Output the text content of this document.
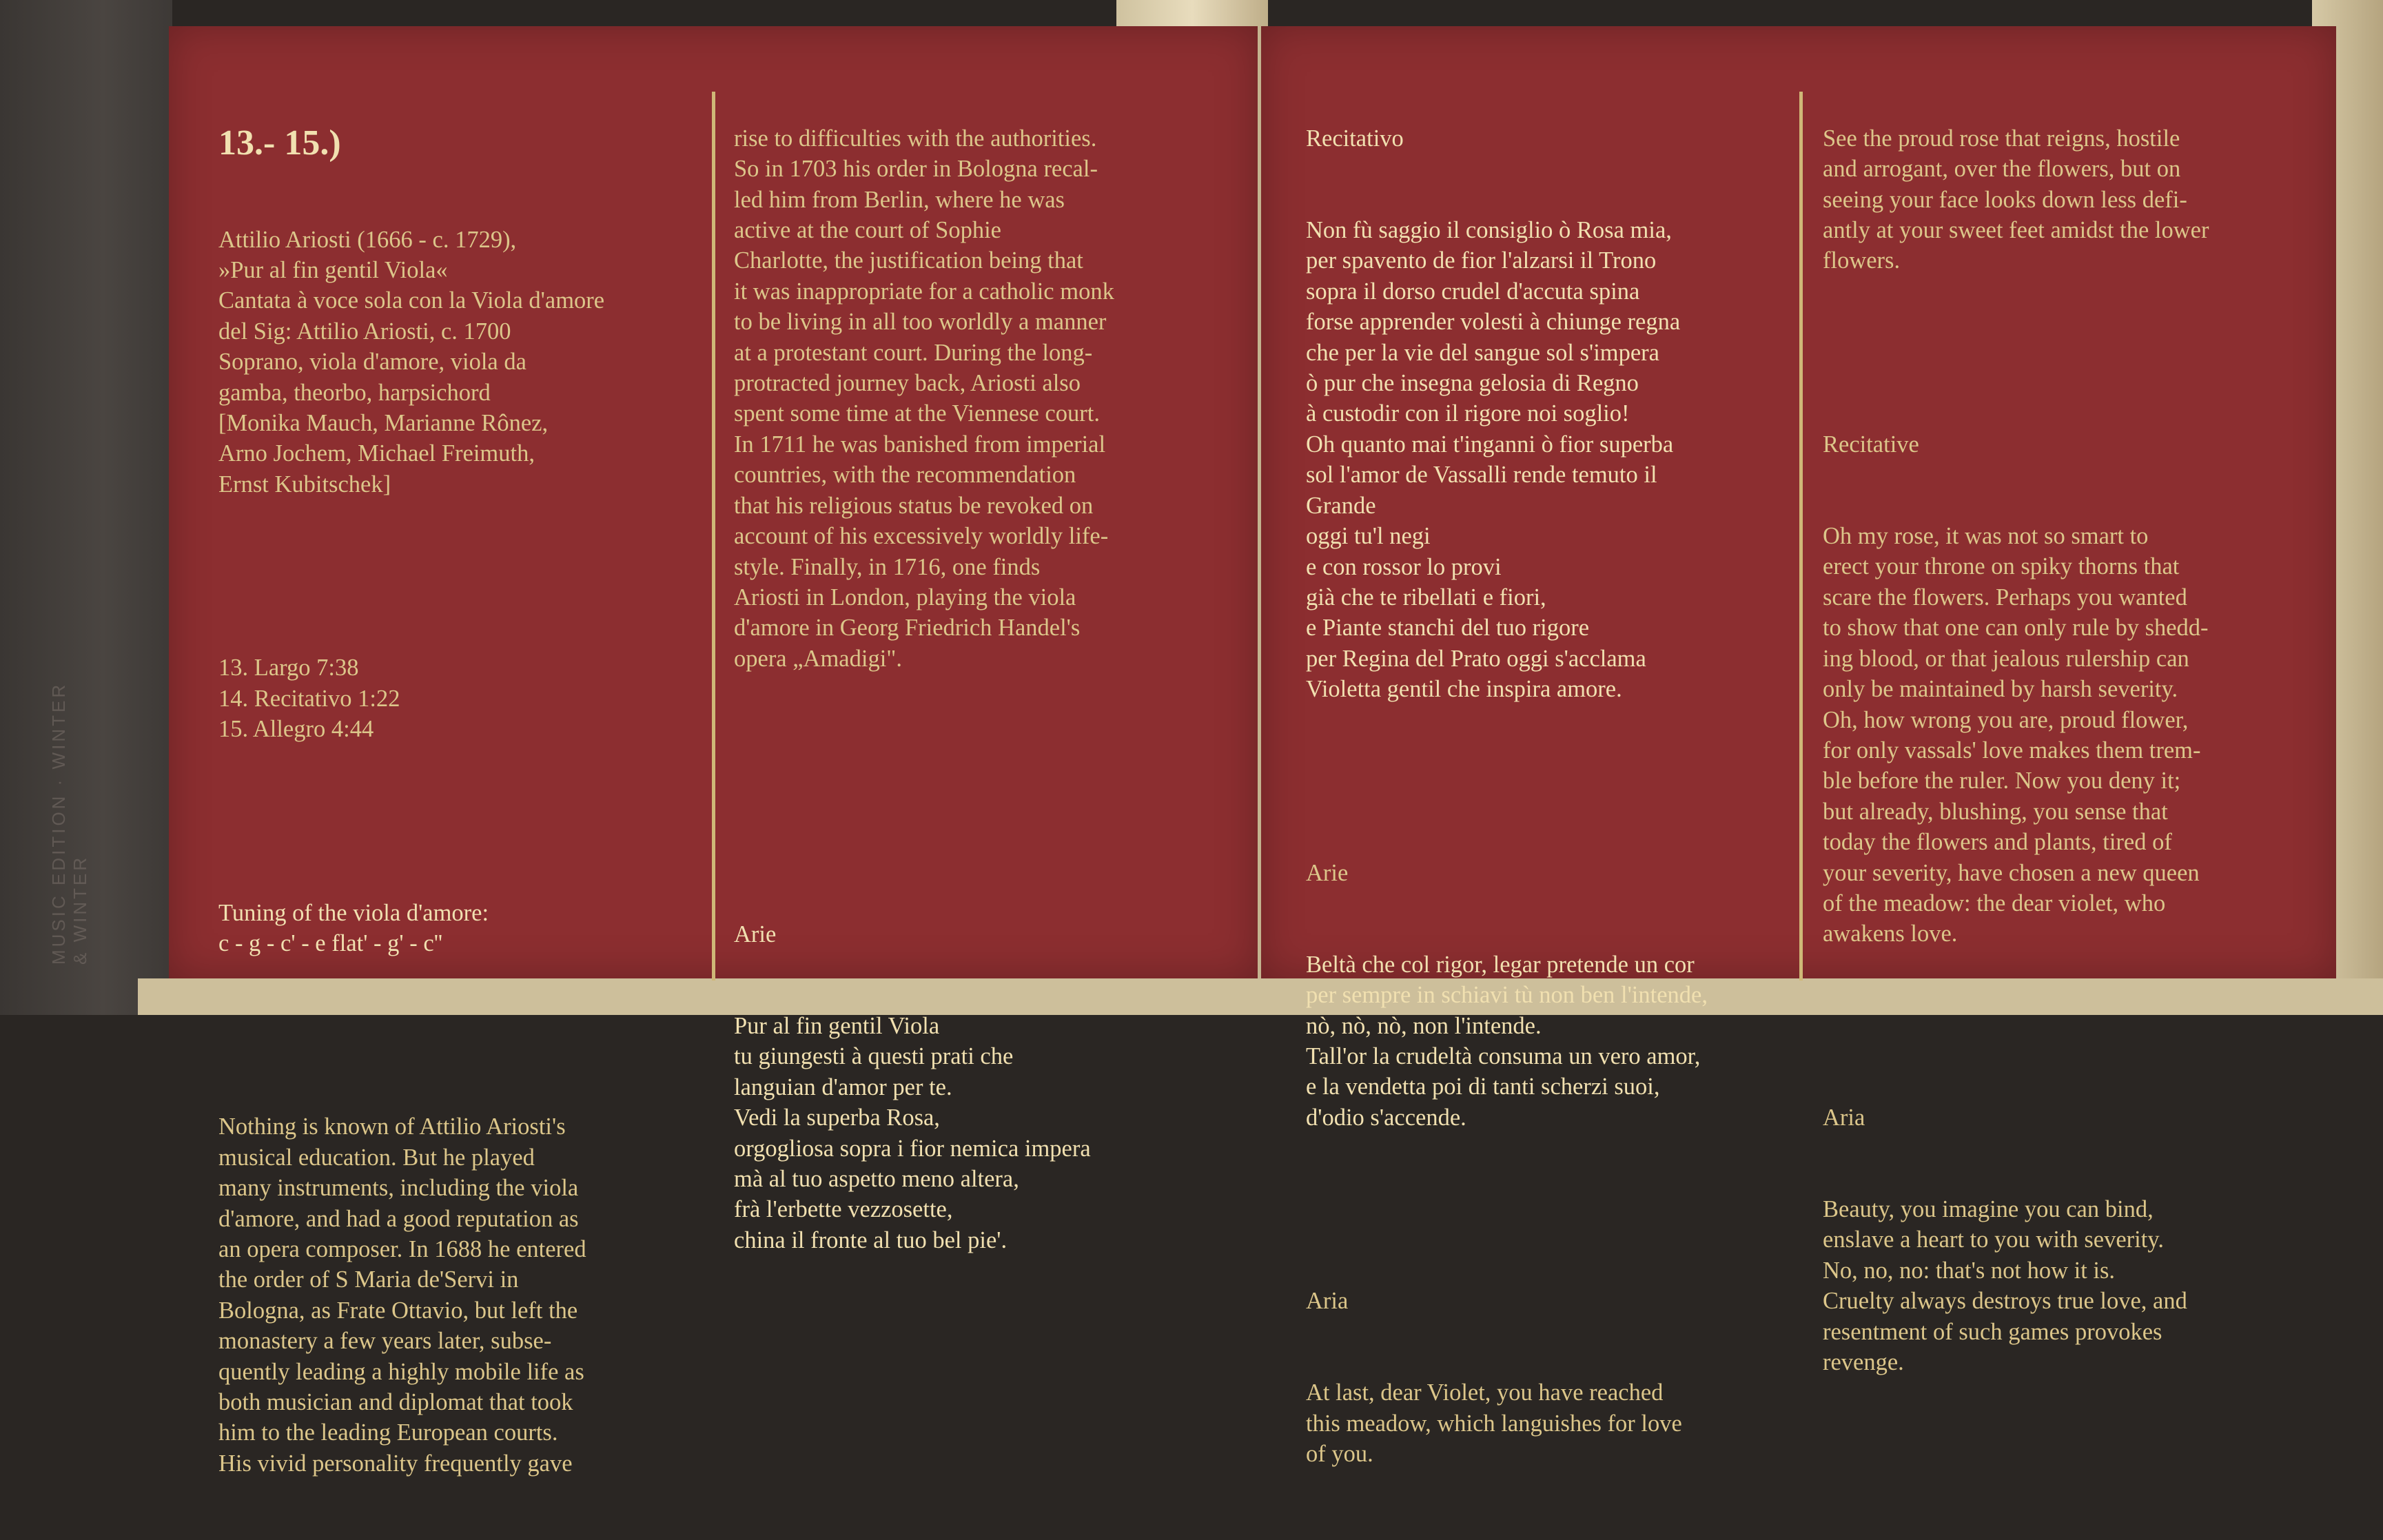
MUSIC EDITION · WINTER & WINTER

13.- 15.)

Attilio Ariosti (1666 - c. 1729),
»Pur al fin gentil Viola«
Cantata à voce sola con la Viola d'amore
del Sig: Attilio Ariosti, c. 1700
Soprano, viola d'amore, viola da
gamba, theorbo, harpsichord
[Monika Mauch, Marianne Rônez,
Arno Jochem, Michael Freimuth,
Ernst Kubitschek]

13. Largo 7:38
14. Recitativo 1:22
15. Allegro 4:44

Tuning of the viola d'amore:
c - g - c' - e flat' - g' - c''

Nothing is known of Attilio Ariosti's
musical education. But he played
many instruments, including the viola
d'amore, and had a good reputation as
an opera composer. In 1688 he entered
the order of S Maria de'Servi in
Bologna, as Frate Ottavio, but left the
monastery a few years later, subse-
quently leading a highly mobile life as
both musician and diplomat that took
him to the leading European courts.
His vivid personality frequently gave

rise to difficulties with the authorities.
So in 1703 his order in Bologna recal-
led him from Berlin, where he was
active at the court of Sophie
Charlotte, the justification being that
it was inappropriate for a catholic monk
to be living in all too worldly a manner
at a protestant court. During the long-
protracted journey back, Ariosti also
spent some time at the Viennese court.
In 1711 he was banished from imperial
countries, with the recommendation
that his religious status be revoked on
account of his excessively worldly life-
style. Finally, in 1716, one finds
Ariosti in London, playing the viola
d'amore in Georg Friedrich Handel's
opera „Amadigi".

Arie

Pur al fin gentil Viola
tu giungesti à questi prati che
languian d'amor per te.
Vedi la superba Rosa,
orgogliosa sopra i fior nemica impera
mà al tuo aspetto meno altera,
frà l'erbette vezzosette,
china il fronte al tuo bel pie'.

Recitativo

Non fù saggio il consiglio ò Rosa mia,
per spavento de fior l'alzarsi il Trono
sopra il dorso crudel d'accuta spina
forse apprender volesti à chiunge regna
che per la vie del sangue sol s'impera
ò pur che insegna gelosia di Regno
à custodir con il rigore noi soglio!
Oh quanto mai t'inganni ò fior superba
sol l'amor de Vassalli rende temuto il
Grande
oggi tu'l negi
e con rossor lo provi
già che te ribellati e fiori,
e Piante stanchi del tuo rigore
per Regina del Prato oggi s'acclama
Violetta gentil che inspira amore.

Arie

Beltà che col rigor, legar pretende un cor
per sempre in schiavi tù non ben l'intende,
nò, nò, nò, non l'intende.
Tall'or la crudeltà consuma un vero amor,
e la vendetta poi di tanti scherzi suoi,
d'odio s'accende.

Aria

At last, dear Violet, you have reached
this meadow, which languishes for love
of you.

See the proud rose that reigns, hostile
and arrogant, over the flowers, but on
seeing your face looks down less defi-
antly at your sweet feet amidst the lower
flowers.

Recitative

Oh my rose, it was not so smart to
erect your throne on spiky thorns that
scare the flowers. Perhaps you wanted
to show that one can only rule by shedd-
ing blood, or that jealous rulership can
only be maintained by harsh severity.
Oh, how wrong you are, proud flower,
for only vassals' love makes them trem-
ble before the ruler. Now you deny it;
but already, blushing, you sense that
today the flowers and plants, tired of
your severity, have chosen a new queen
of the meadow: the dear violet, who
awakens love.

Aria

Beauty, you imagine you can bind,
enslave a heart to you with severity.
No, no, no: that's not how it is.
Cruelty always destroys true love, and
resentment of such games provokes
revenge.
